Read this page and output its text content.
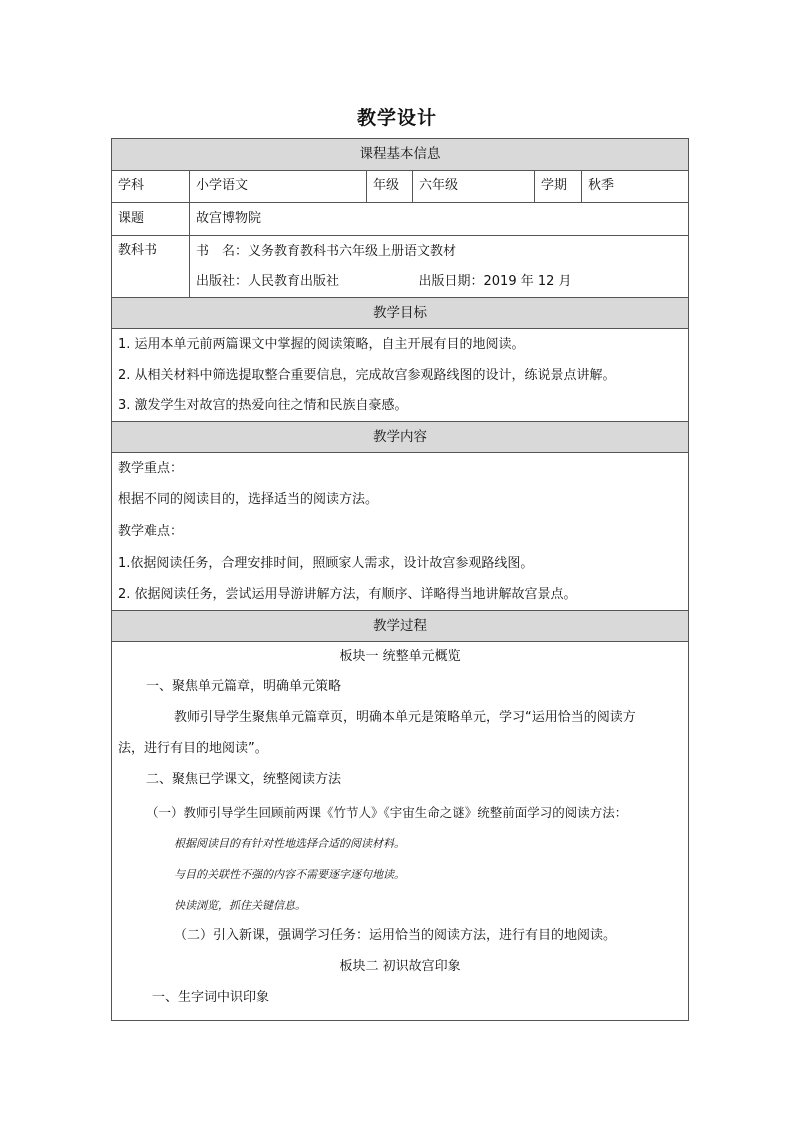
教学设计
课程基本信息					
学科	小学语文	年级	六年级	学期	秋季
课题	故宫博物院				
教科书	书　名：义务教育教科书六年级上册语文教材				
	出版社：人民教育出版社		出版日期：2019 年 12 月		
教学目标					
1. 运用本单元前两篇课文中掌握的阅读策略，自主开展有目的地阅读。					
2. 从相关材料中筛选提取整合重要信息，完成故宫参观路线图的设计，练说景点讲解。					
3. 激发学生对故宫的热爱向往之情和民族自豪感。					
教学内容					
教学重点：					
根据不同的阅读目的，选择适当的阅读方法。					
教学难点：					
1.依据阅读任务，合理安排时间，照顾家人需求，设计故宫参观路线图。					
2. 依据阅读任务，尝试运用导游讲解方法，有顺序、详略得当地讲解故宫景点。					
教学过程					
板块一 统整单元概览					
一、聚焦单元篇章，明确单元策略					
教师引导学生聚焦单元篇章页，明确本单元是策略单元，学习“运用恰当的阅读方					
法，进行有目的地阅读”。					
二、聚焦已学课文，统整阅读方法					
（一）教师引导学生回顾前两课《竹节人》《宇宙生命之谜》统整前面学习的阅读方法：					
根据阅读目的有针对性地选择合适的阅读材料。					
与目的关联性不强的内容不需要逐字逐句地读。					
快读浏览，抓住关键信息。					
（二）引入新课，强调学习任务：运用恰当的阅读方法，进行有目的地阅读。					
板块二 初识故宫印象					
一、生字词中识印象					
